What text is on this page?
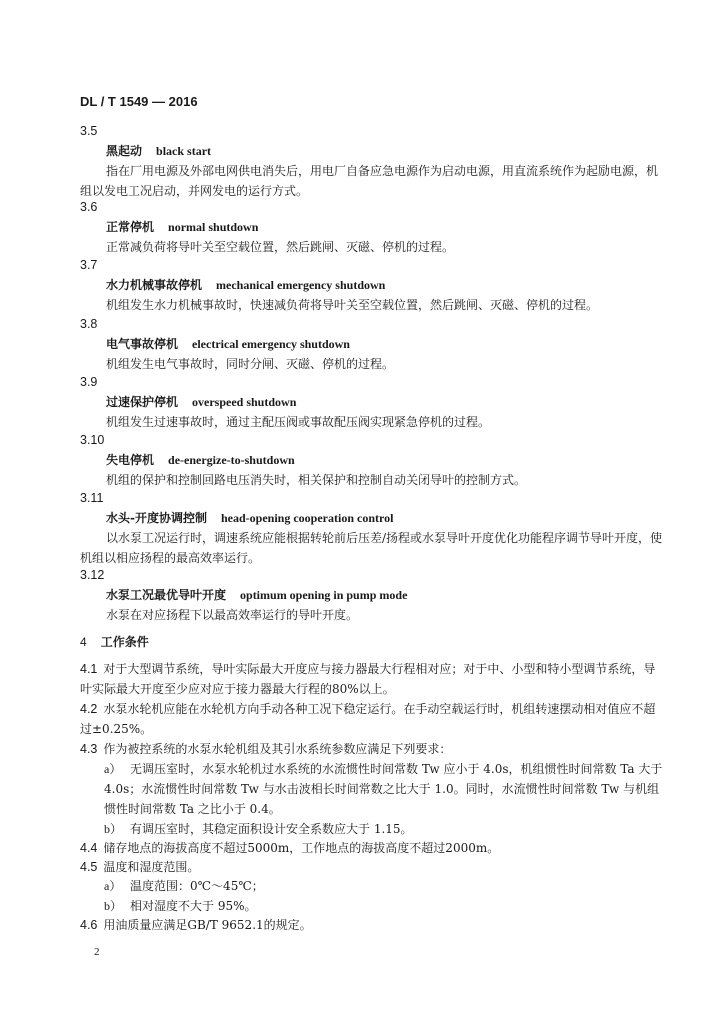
DL / T 1549 — 2016

3.5

黑起动 black start

指在厂用电源及外部电网供电消失后，用电厂自备应急电源作为启动电源，用直流系统作为起励电源，机组以发电工况启动，并网发电的运行方式。

3.6

正常停机 normal shutdown

正常减负荷将导叶关至空载位置，然后跳闸、灭磁、停机的过程。

3.7

水力机械事故停机 mechanical emergency shutdown

机组发生水力机械事故时，快速减负荷将导叶关至空载位置，然后跳闸、灭磁、停机的过程。

3.8

电气事故停机 electrical emergency shutdown

机组发生电气事故时，同时分闸、灭磁、停机的过程。

3.9

过速保护停机 overspeed shutdown

机组发生过速事故时，通过主配压阀或事故配压阀实现紧急停机的过程。

3.10

失电停机 de-energize-to-shutdown

机组的保护和控制回路电压消失时，相关保护和控制自动关闭导叶的控制方式。

3.11

水头-开度协调控制 head-opening cooperation control

以水泵工况运行时，调速系统应能根据转轮前后压差/扬程或水泵导叶开度优化功能程序调节导叶开度，使机组以相应扬程的最高效率运行。

3.12

水泵工况最优导叶开度 optimum opening in pump mode

水泵在对应扬程下以最高效率运行的导叶开度。

4 工作条件

4.1 对于大型调节系统，导叶实际最大开度应与接力器最大行程相对应；对于中、小型和特小型调节系统，导叶实际最大开度至少应对应于接力器最大行程的80%以上。

4.2 水泵水轮机应能在水轮机方向手动各种工况下稳定运行。在手动空载运行时，机组转速摆动相对值应不超过±0.25%。

4.3 作为被控系统的水泵水轮机组及其引水系统参数应满足下列要求：

a） 无调压室时，水泵水轮机过水系统的水流惯性时间常数 Tw 应小于 4.0s，机组惯性时间常数 Ta 大于 4.0s；水流惯性时间常数 Tw 与水击波相长时间常数之比大于 1.0。同时，水流惯性时间常数 Tw 与机组惯性时间常数 Ta 之比小于 0.4。
b） 有调压室时，其稳定面积设计安全系数应大于 1.15。

4.4 储存地点的海拔高度不超过5000m，工作地点的海拔高度不超过2000m。

4.5 温度和湿度范围。

a） 温度范围：0℃～45℃；
b） 相对湿度不大于 95%。

4.6 用油质量应满足GB/T 9652.1的规定。

2
